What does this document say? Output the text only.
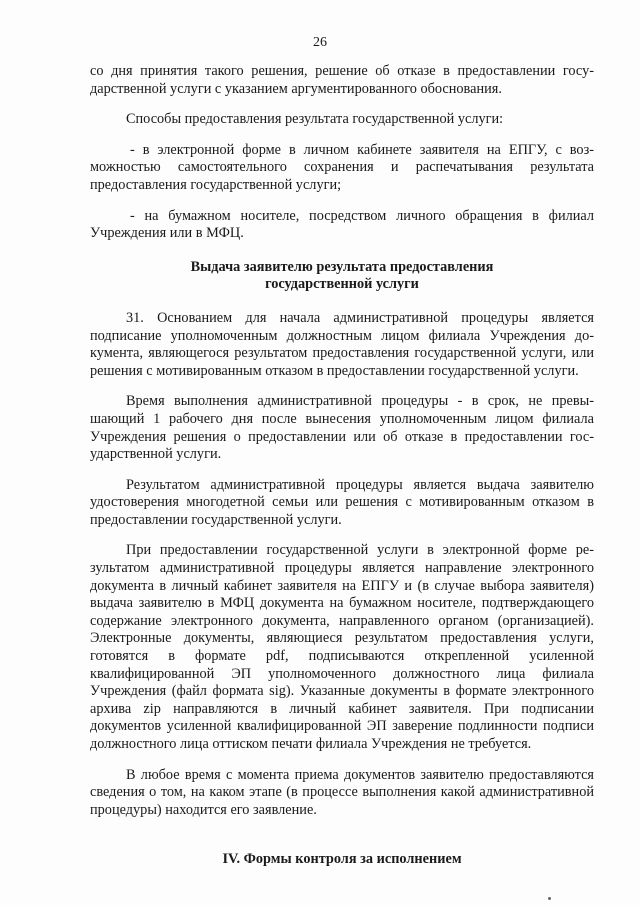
26

со дня принятия такого решения, решение об отказе в предоставлении государственной услуги с указанием аргументированного обоснования.

Способы предоставления результата государственной услуги:

- в электронной форме в личном кабинете заявителя на ЕПГУ, с возможностью самостоятельного сохранения и распечатывания результата предоставления государственной услуги;

- на бумажном носителе, посредством личного обращения в филиал Учреждения или в МФЦ.

Выдача заявителю результата предоставления
государственной услуги

31. Основанием для начала административной процедуры является подписание уполномоченным должностным лицом филиала Учреждения документа, являющегося результатом предоставления государственной услуги, или решения с мотивированным отказом в предоставлении государственной услуги.

Время выполнения административной процедуры - в срок, не превышающий 1 рабочего дня после вынесения уполномоченным лицом филиала Учреждения решения о предоставлении или об отказе в предоставлении государственной услуги.

Результатом административной процедуры является выдача заявителю удостоверения многодетной семьи или решения с мотивированным отказом в предоставлении государственной услуги.

При предоставлении государственной услуги в электронной форме результатом административной процедуры является направление электронного документа в личный кабинет заявителя на ЕПГУ и (в случае выбора заявителя) выдача заявителю в МФЦ документа на бумажном носителе, подтверждающего содержание электронного документа, направленного органом (организацией). Электронные документы, являющиеся результатом предоставления услуги, готовятся в формате pdf, подписываются открепленной усиленной квалифицированной ЭП уполномоченного должностного лица филиала Учреждения (файл формата sig). Указанные документы в формате электронного архива zip направляются в личный кабинет заявителя. При подписании документов усиленной квалифицированной ЭП заверение подлинности подписи должностного лица оттиском печати филиала Учреждения не требуется.

В любое время с момента приема документов заявителю предоставляются сведения о том, на каком этапе (в процессе выполнения какой административной процедуры) находится его заявление.

IV. Формы контроля за исполнением
